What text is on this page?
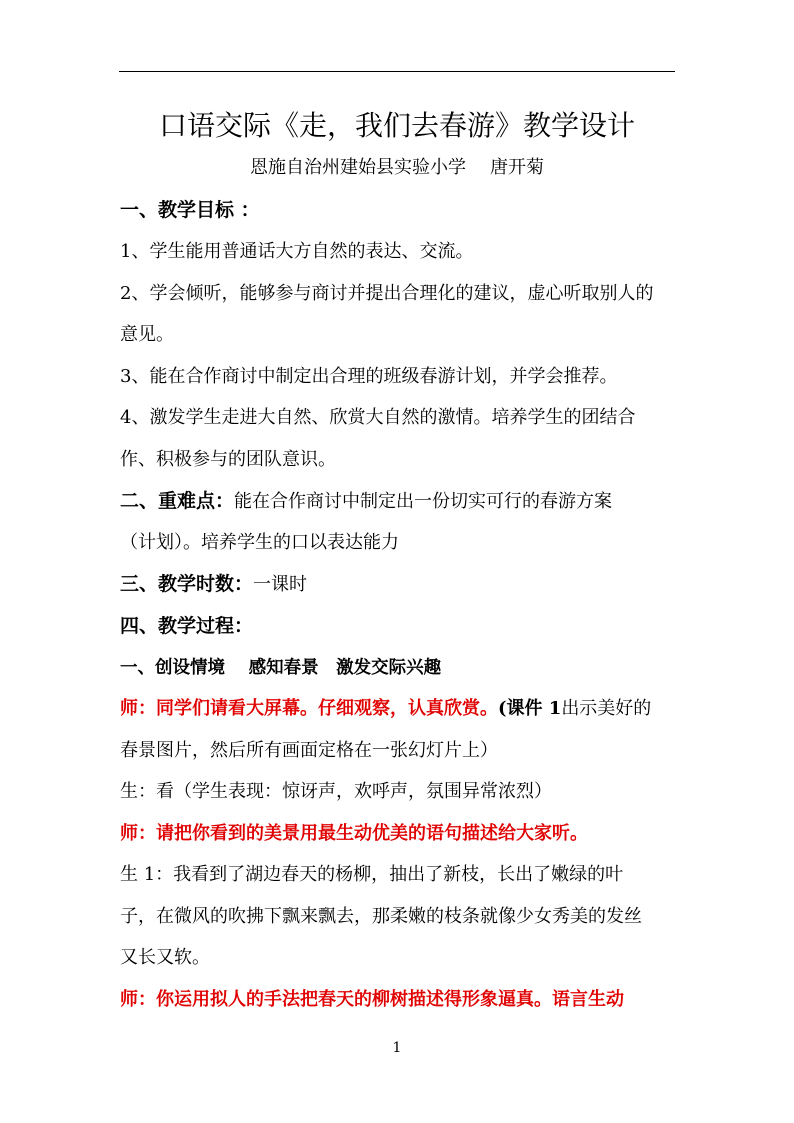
口语交际《走，我们去春游》教学设计
恩施自治州建始县实验小学 唐开菊
一、教学目标 ：
1、学生能用普通话大方自然的表达、交流。
2、学会倾听，能够参与商讨并提出合理化的建议，虚心听取别人的
意见。
3、能在合作商讨中制定出合理的班级春游计划，并学会推荐。
4、激发学生走进大自然、欣赏大自然的激情。培养学生的团结合
作、积极参与的团队意识。
二、重难点：能在合作商讨中制定出一份切实可行的春游方案
（计划）。培养学生的口以表达能力
三、教学时数：一课时
四、教学过程：
一、创设情境　 感知春景　激发交际兴趣
师：同学们请看大屏幕。仔细观察，认真欣赏。(课件 1出示美好的
春景图片，然后所有画面定格在一张幻灯片上）
生：看（学生表现：惊讶声，欢呼声，氛围异常浓烈）
师：请把你看到的美景用最生动优美的语句描述给大家听。
生 1：我看到了湖边春天的杨柳，抽出了新枝，长出了嫩绿的叶
子，在微风的吹拂下飘来飘去，那柔嫩的枝条就像少女秀美的发丝
又长又软。
师：你运用拟人的手法把春天的柳树描述得形象逼真。语言生动
1
